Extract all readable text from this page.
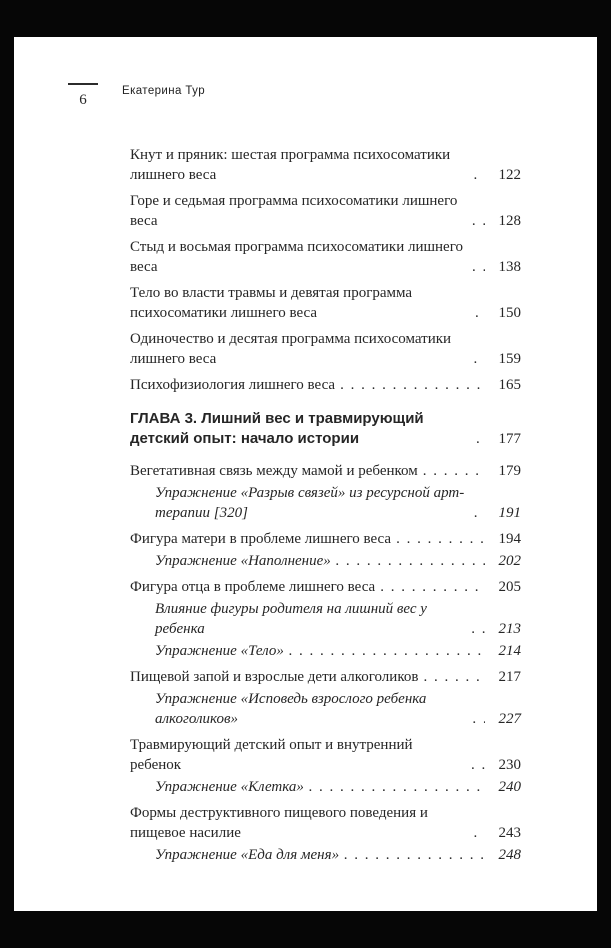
6
Екатерина Тур
Кнут и пряник: шестая программа психосоматики лишнего веса . . .	122
Горе и седьмая программа психосоматики лишнего веса . . .	128
Стыд и восьмая программа психосоматики лишнего веса . . .	138
Тело во власти травмы и девятая программа психосоматики лишнего веса . . .	150
Одиночество и десятая программа психосоматики лишнего веса . . .	159
Психофизиология лишнего веса . . .	165
ГЛАВА 3. Лишний вес и травмирующий детский опыт: начало истории . . .	177
Вегетативная связь между мамой и ребенком . . .	179
Упражнение «Разрыв связей» из ресурсной арт-терапии [320] . . .	191
Фигура матери в проблеме лишнего веса . . .	194
Упражнение «Наполнение» . . .	202
Фигура отца в проблеме лишнего веса . . .	205
Влияние фигуры родителя на лишний вес у ребенка . . .	213
Упражнение «Тело» . . .	214
Пищевой запой и взрослые дети алкоголиков . . .	217
Упражнение «Исповедь взрослого ребенка алкоголиков» . . .	227
Травмирующий детский опыт и внутренний ребенок . . .	230
Упражнение «Клетка» . . .	240
Формы деструктивного пищевого поведения и пищевое насилие . . .	243
Упражнение «Еда для меня» . . .	248
